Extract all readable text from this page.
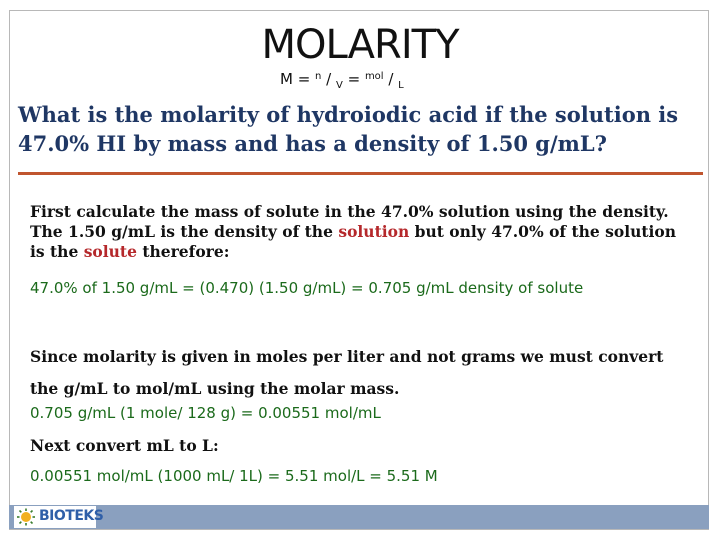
MOLARITY
M = $^n$ / $_V$ = $^{mol}$ / $_L$
What is the molarity of hydroiodic acid if the solution is 47.0% HI by mass and has a density of 1.50 g/mL?
First calculate the mass of solute in the 47.0% solution using the density. The 1.50 g/mL is the density of the solution but only 47.0% of the solution is the solute therefore:
47.0% of 1.50 g/mL = (0.470) (1.50 g/mL) = 0.705 g/mL density of solute
Since molarity is given in moles per liter and not grams we must convert the g/mL to mol/mL using the molar mass.
0.705 g/mL (1 mole/ 128 g) = 0.00551 mol/mL
Next convert mL to L:
0.00551 mol/mL (1000 mL/ 1L) = 5.51 mol/L = 5.51 M
BIOTEKS
